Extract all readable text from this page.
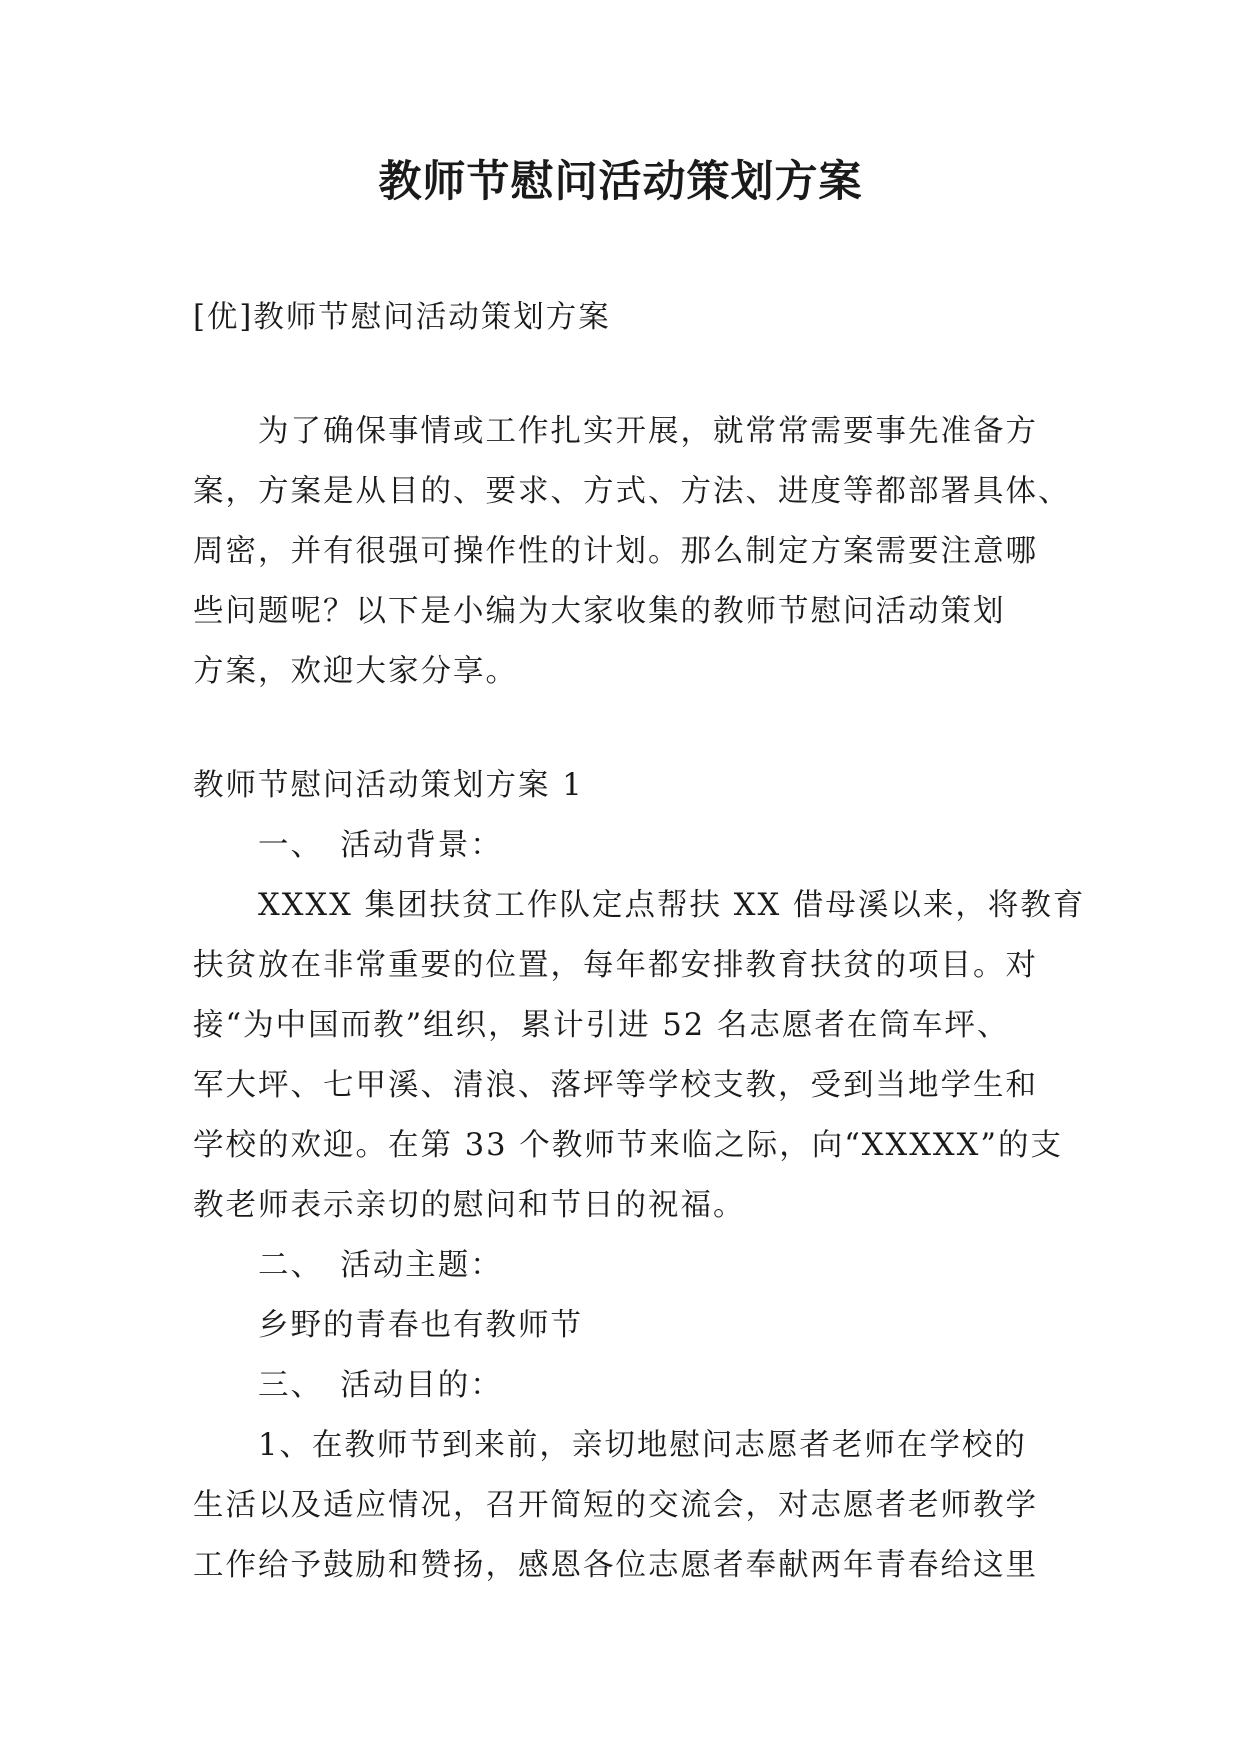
教师节慰问活动策划方案
[优]教师节慰问活动策划方案
　　为了确保事情或工作扎实开展，就常常需要事先准备方
案，方案是从目的、要求、方式、方法、进度等都部署具体、
周密，并有很强可操作性的计划。那么制定方案需要注意哪
些问题呢？以下是小编为大家收集的教师节慰问活动策划
方案，欢迎大家分享。
教师节慰问活动策划方案 1
　　一、　活动背景：
　　XXXX 集团扶贫工作队定点帮扶 XX 借母溪以来，将教育
扶贫放在非常重要的位置，每年都安排教育扶贫的项目。对
接“为中国而教”组织，累计引进 52 名志愿者在筒车坪、
军大坪、七甲溪、清浪、落坪等学校支教，受到当地学生和
学校的欢迎。在第 33 个教师节来临之际，向“XXXXX”的支
教老师表示亲切的慰问和节日的祝福。
　　二、　活动主题：
　　乡野的青春也有教师节
　　三、　活动目的：
　　1、在教师节到来前，亲切地慰问志愿者老师在学校的
生活以及适应情况，召开简短的交流会，对志愿者老师教学
工作给予鼓励和赞扬，感恩各位志愿者奉献两年青春给这里
